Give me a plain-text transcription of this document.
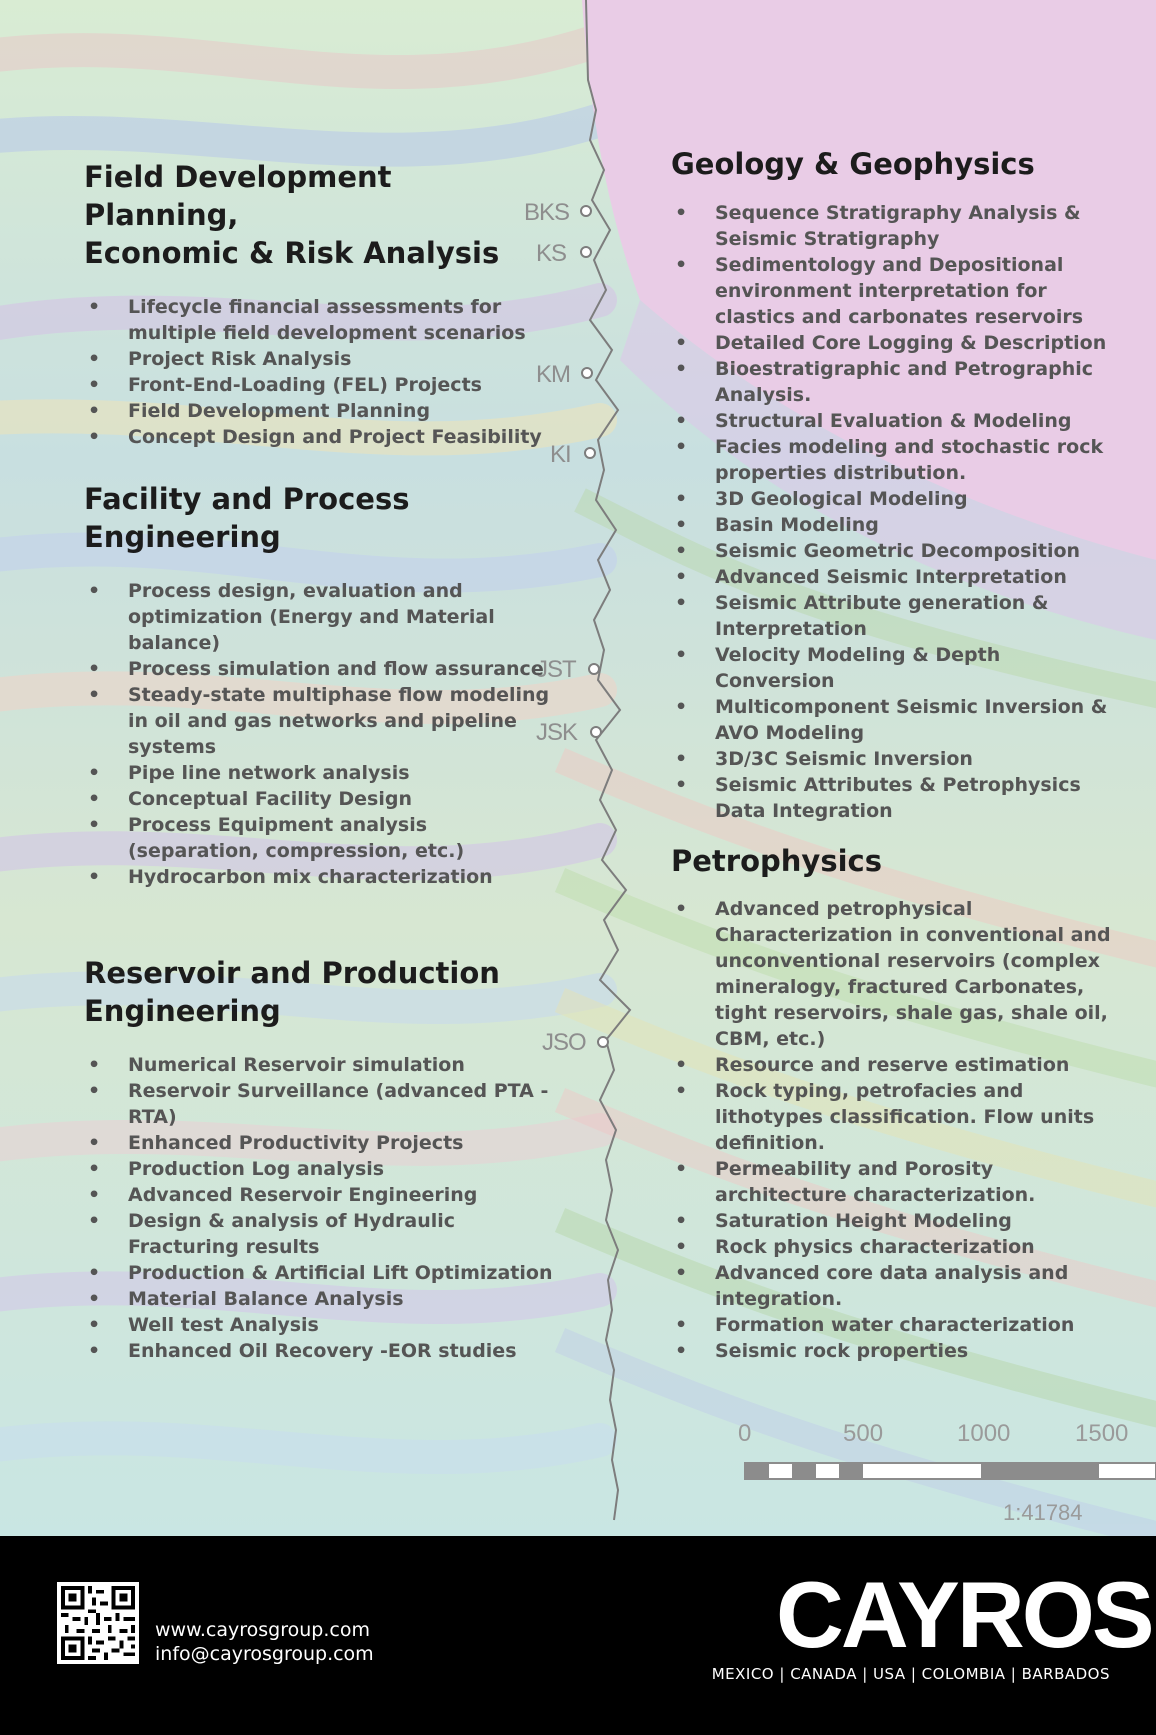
BKS
KS
KM
KI
JST
JSK
JSO
0	500	1000	1500
1:41784
Field Development Planning,
Economic & Risk Analysis
• Lifecycle financial assessments for multiple field development scenarios
• Project Risk Analysis
• Front-End-Loading (FEL) Projects
• Field Development Planning
• Concept Design and Project Feasibility
Facility and Process
Engineering
• Process design, evaluation and optimization (Energy and Material balance)
• Process simulation and flow assurance
• Steady-state multiphase flow modeling in oil and gas networks and pipeline systems
• Pipe line network analysis
• Conceptual Facility Design
• Process Equipment analysis (separation, compression, etc.)
• Hydrocarbon mix characterization
Reservoir and Production
Engineering
• Numerical Reservoir simulation
• Reservoir Surveillance (advanced PTA - RTA)
• Enhanced Productivity Projects
• Production Log analysis
• Advanced Reservoir Engineering
• Design & analysis of Hydraulic Fracturing results
• Production & Artificial Lift Optimization
• Material Balance Analysis
• Well test Analysis
• Enhanced Oil Recovery -EOR studies
Geology & Geophysics
• Sequence Stratigraphy Analysis & Seismic Stratigraphy
• Sedimentology and Depositional environment interpretation for clastics and carbonates reservoirs
• Detailed Core Logging & Description
• Bioestratigraphic and Petrographic Analysis.
• Structural Evaluation & Modeling
• Facies modeling and stochastic rock properties distribution.
• 3D Geological Modeling
• Basin Modeling
• Seismic Geometric Decomposition
• Advanced Seismic Interpretation
• Seismic Attribute generation & Interpretation
• Velocity Modeling & Depth Conversion
• Multicomponent Seismic Inversion & AVO Modeling
• 3D/3C Seismic Inversion
• Seismic Attributes & Petrophysics Data Integration
Petrophysics
• Advanced petrophysical Characterization in conventional and unconventional reservoirs (complex mineralogy, fractured Carbonates, tight reservoirs, shale gas, shale oil, CBM, etc.)
• Resource and reserve estimation
• Rock typing, petrofacies and lithotypes classification. Flow units definition.
• Permeability and Porosity architecture characterization.
• Saturation Height Modeling
• Rock physics characterization
• Advanced core data analysis and integration.
• Formation water characterization
• Seismic rock properties
www.cayrosgroup.com
info@cayrosgroup.com	CAYROS
MEXICO | CANADA | USA | COLOMBIA | BARBADOS
